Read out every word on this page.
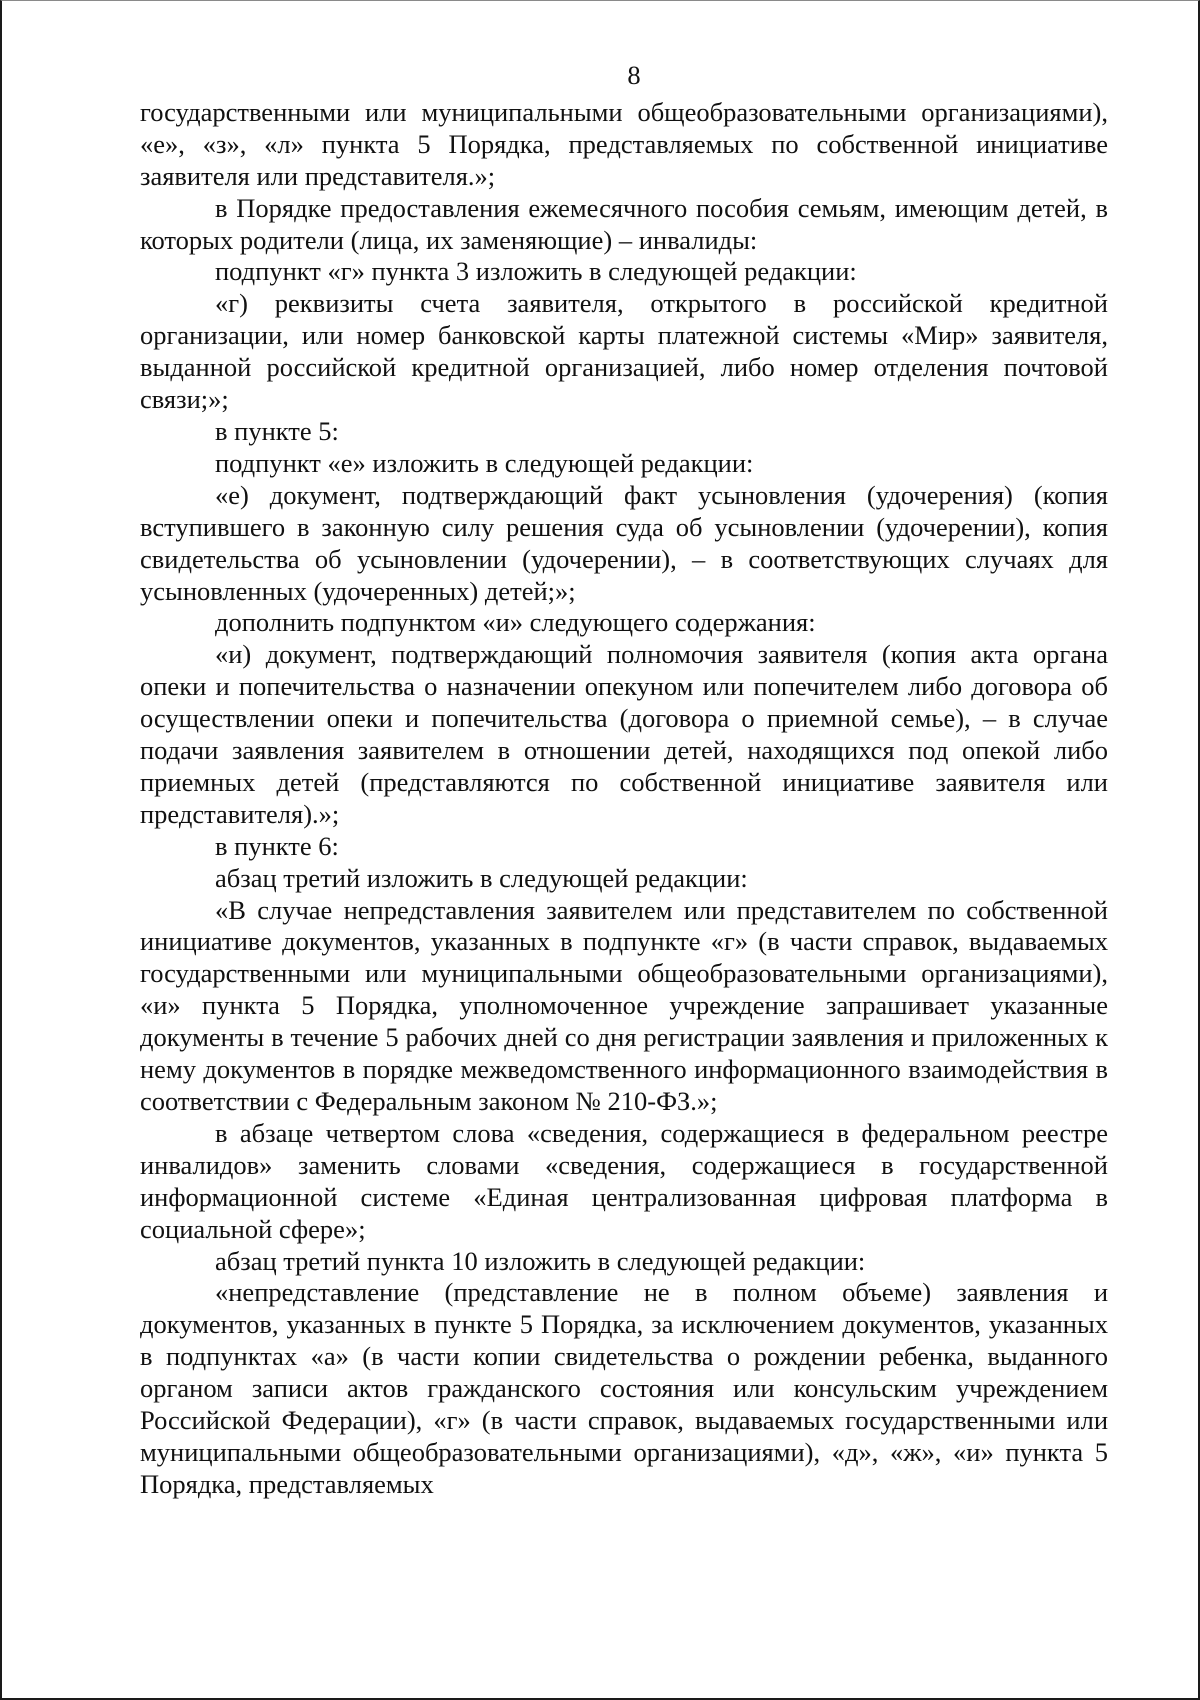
8

государственными или муниципальными общеобразовательными организациями), «е», «з», «л» пункта 5 Порядка, представляемых по собственной инициативе заявителя или представителя.»;

в Порядке предоставления ежемесячного пособия семьям, имеющим детей, в которых родители (лица, их заменяющие) – инвалиды:

подпункт «г» пункта 3 изложить в следующей редакции:

«г) реквизиты счета заявителя, открытого в российской кредитной организации, или номер банковской карты платежной системы «Мир» заявителя, выданной российской кредитной организацией, либо номер отделения почтовой связи;»;

в пункте 5:

подпункт «е» изложить в следующей редакции:

«е) документ, подтверждающий факт усыновления (удочерения) (копия вступившего в законную силу решения суда об усыновлении (удочерении), копия свидетельства об усыновлении (удочерении), – в соответствующих случаях для усыновленных (удочеренных) детей;»;

дополнить подпунктом «и» следующего содержания:

«и) документ, подтверждающий полномочия заявителя (копия акта органа опеки и попечительства о назначении опекуном или попечителем либо договора об осуществлении опеки и попечительства (договора о приемной семье), – в случае подачи заявления заявителем в отношении детей, находящихся под опекой либо приемных детей (представляются по собственной инициативе заявителя или представителя).»;

в пункте 6:

абзац третий изложить в следующей редакции:

«В случае непредставления заявителем или представителем по собственной инициативе документов, указанных в подпункте «г» (в части справок, выдаваемых государственными или муниципальными общеобразовательными организациями), «и» пункта 5 Порядка, уполномоченное учреждение запрашивает указанные документы в течение 5 рабочих дней со дня регистрации заявления и приложенных к нему документов в порядке межведомственного информационного взаимодействия в соответствии с Федеральным законом № 210-ФЗ.»;

в абзаце четвертом слова «сведения, содержащиеся в федеральном реестре инвалидов» заменить словами «сведения, содержащиеся в государственной информационной системе «Единая централизованная цифровая платформа в социальной сфере»;

абзац третий пункта 10 изложить в следующей редакции:

«непредставление (представление не в полном объеме) заявления и документов, указанных в пункте 5 Порядка, за исключением документов, указанных в подпунктах «а» (в части копии свидетельства о рождении ребенка, выданного органом записи актов гражданского состояния или консульским учреждением Российской Федерации), «г» (в части справок, выдаваемых государственными или муниципальными общеобразовательными организациями), «д», «ж», «и» пункта 5 Порядка, представляемых
